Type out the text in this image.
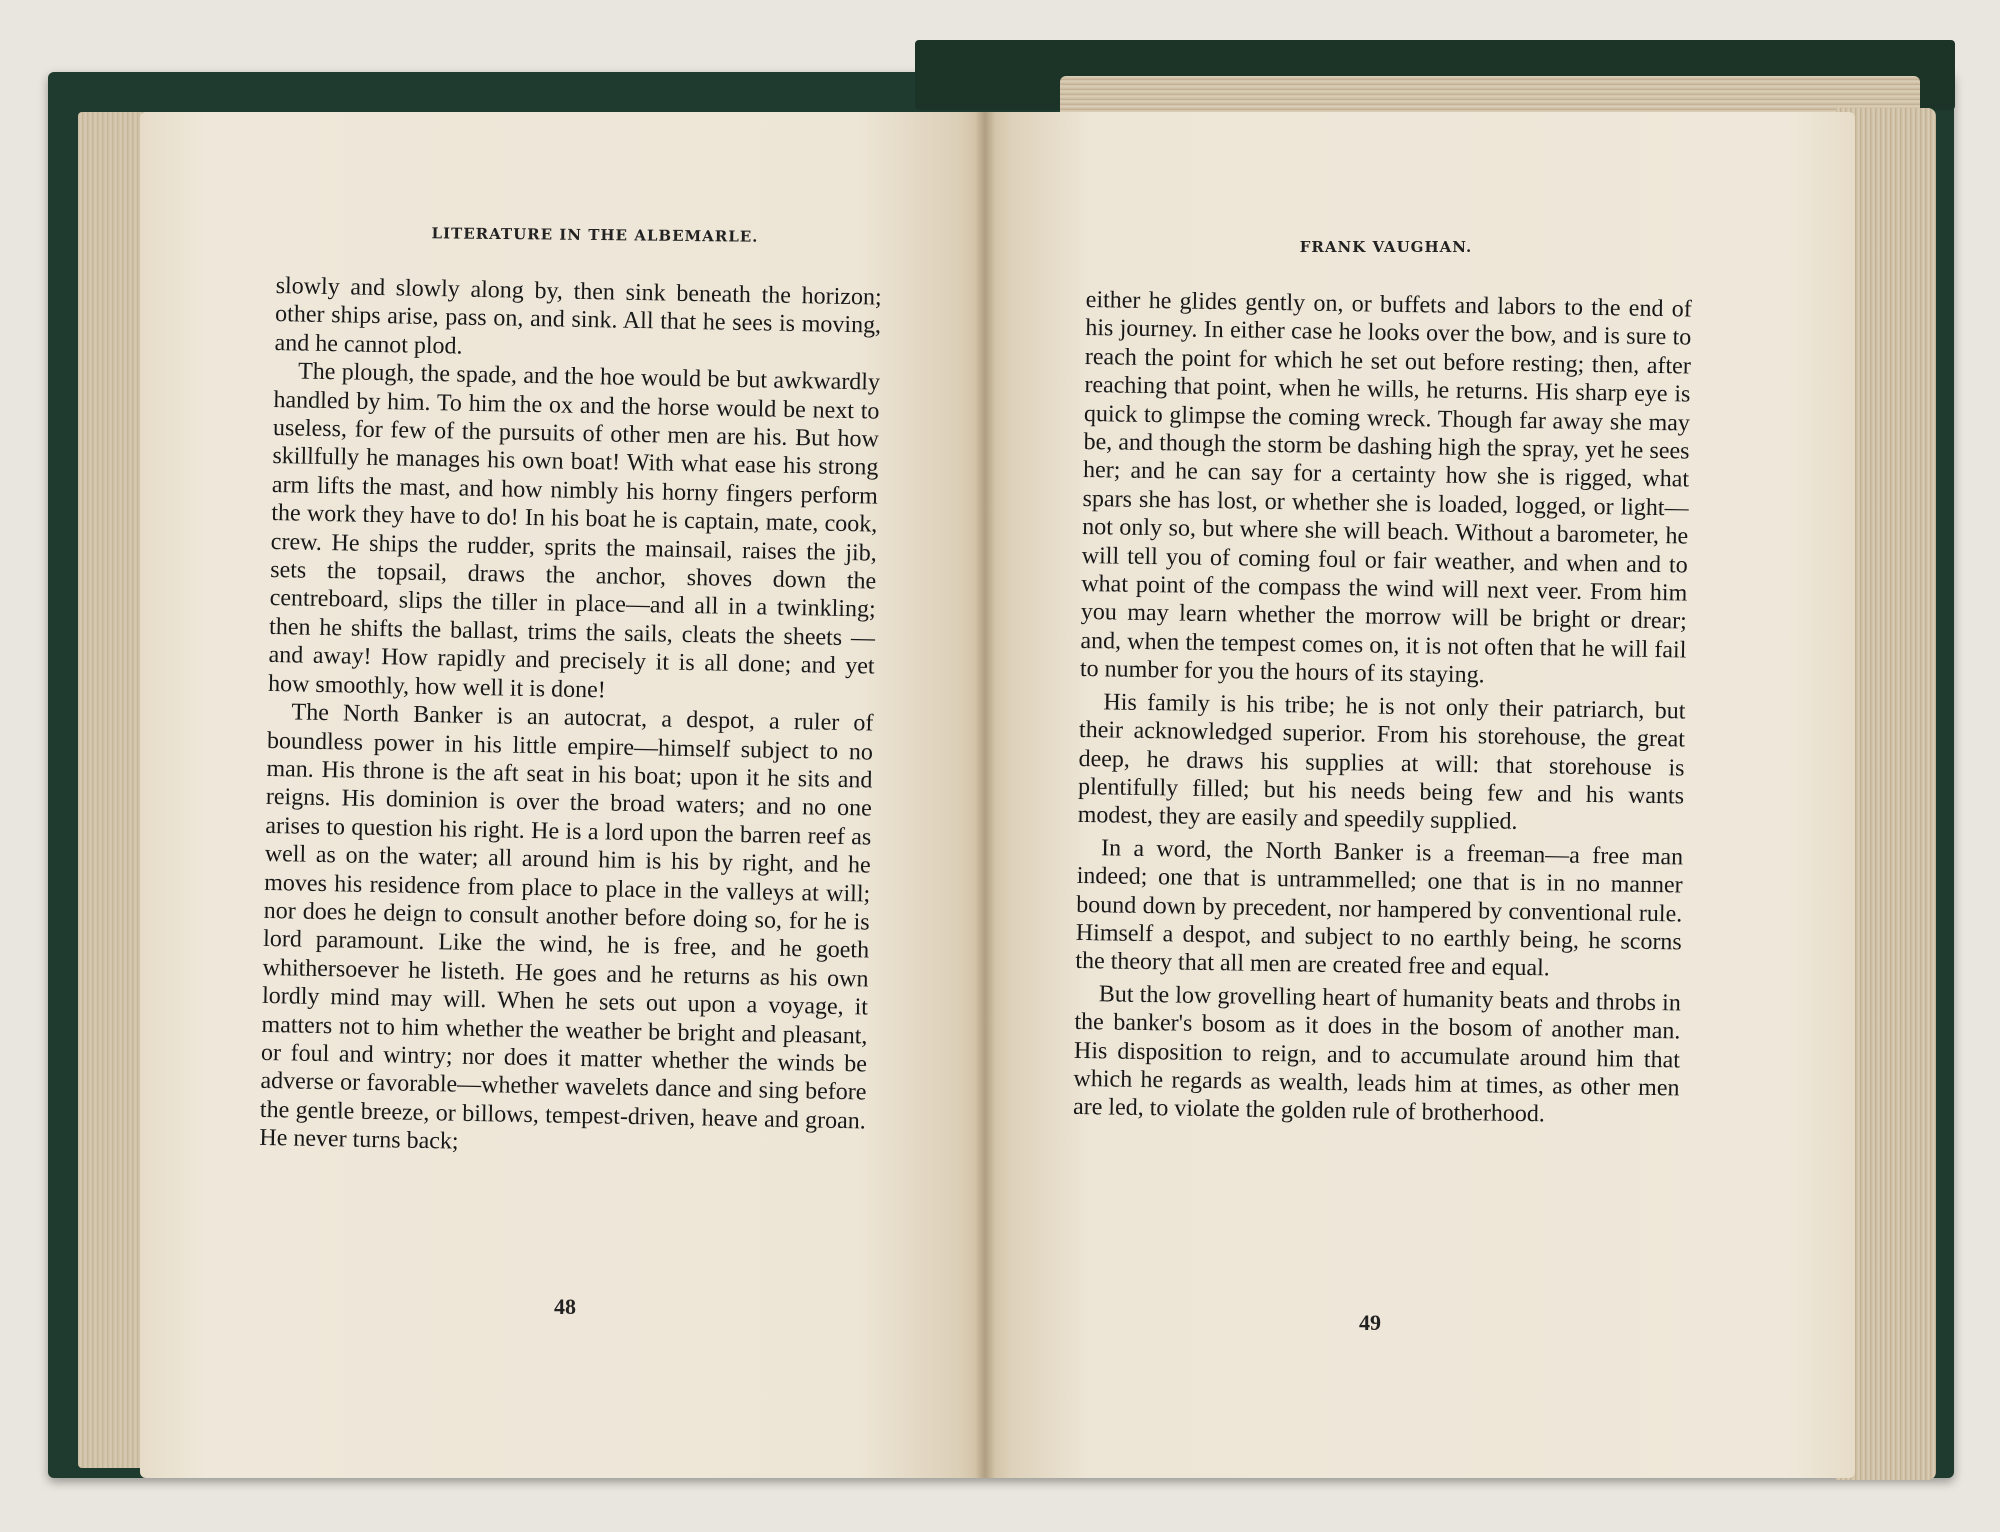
LITERATURE IN THE ALBEMARLE.
FRANK VAUGHAN.

slowly and slowly along by, then sink beneath the horizon; other ships arise, pass on, and sink. All that he sees is moving, and he cannot plod.

The plough, the spade, and the hoe would be but awkwardly handled by him. To him the ox and the horse would be next to useless, for few of the pursuits of other men are his. But how skillfully he manages his own boat! With what ease his strong arm lifts the mast, and how nimbly his horny fingers perform the work they have to do! In his boat he is captain, mate, cook, crew. He ships the rudder, sprits the mainsail, raises the jib, sets the topsail, draws the anchor, shoves down the centreboard, slips the tiller in place—and all in a twinkling; then he shifts the ballast, trims the sails, cleats the sheets —and away! How rapidly and precisely it is all done; and yet how smoothly, how well it is done!

The North Banker is an autocrat, a despot, a ruler of boundless power in his little empire—himself subject to no man. His throne is the aft seat in his boat; upon it he sits and reigns. His dominion is over the broad waters; and no one arises to question his right. He is a lord upon the barren reef as well as on the water; all around him is his by right, and he moves his residence from place to place in the valleys at will; nor does he deign to consult another before doing so, for he is lord paramount. Like the wind, he is free, and he goeth whithersoever he listeth. He goes and he returns as his own lordly mind may will. When he sets out upon a voyage, it matters not to him whether the weather be bright and pleasant, or foul and wintry; nor does it matter whether the winds be adverse or favorable—whether wavelets dance and sing before the gentle breeze, or billows, tempest-driven, heave and groan. He never turns back;

either he glides gently on, or buffets and labors to the end of his journey. In either case he looks over the bow, and is sure to reach the point for which he set out before resting; then, after reaching that point, when he wills, he returns. His sharp eye is quick to glimpse the coming wreck. Though far away she may be, and though the storm be dashing high the spray, yet he sees her; and he can say for a certainty how she is rigged, what spars she has lost, or whether she is loaded, logged, or light—not only so, but where she will beach. Without a barometer, he will tell you of coming foul or fair weather, and when and to what point of the compass the wind will next veer. From him you may learn whether the morrow will be bright or drear; and, when the tempest comes on, it is not often that he will fail to number for you the hours of its staying.

His family is his tribe; he is not only their patriarch, but their acknowledged superior. From his storehouse, the great deep, he draws his supplies at will: that storehouse is plentifully filled; but his needs being few and his wants modest, they are easily and speedily supplied.

In a word, the North Banker is a freeman—a free man indeed; one that is untrammelled; one that is in no manner bound down by precedent, nor hampered by conventional rule. Himself a despot, and subject to no earthly being, he scorns the theory that all men are created free and equal.

But the low grovelling heart of humanity beats and throbs in the banker's bosom as it does in the bosom of another man. His disposition to reign, and to accumulate around him that which he regards as wealth, leads him at times, as other men are led, to violate the golden rule of brotherhood.

48
49
